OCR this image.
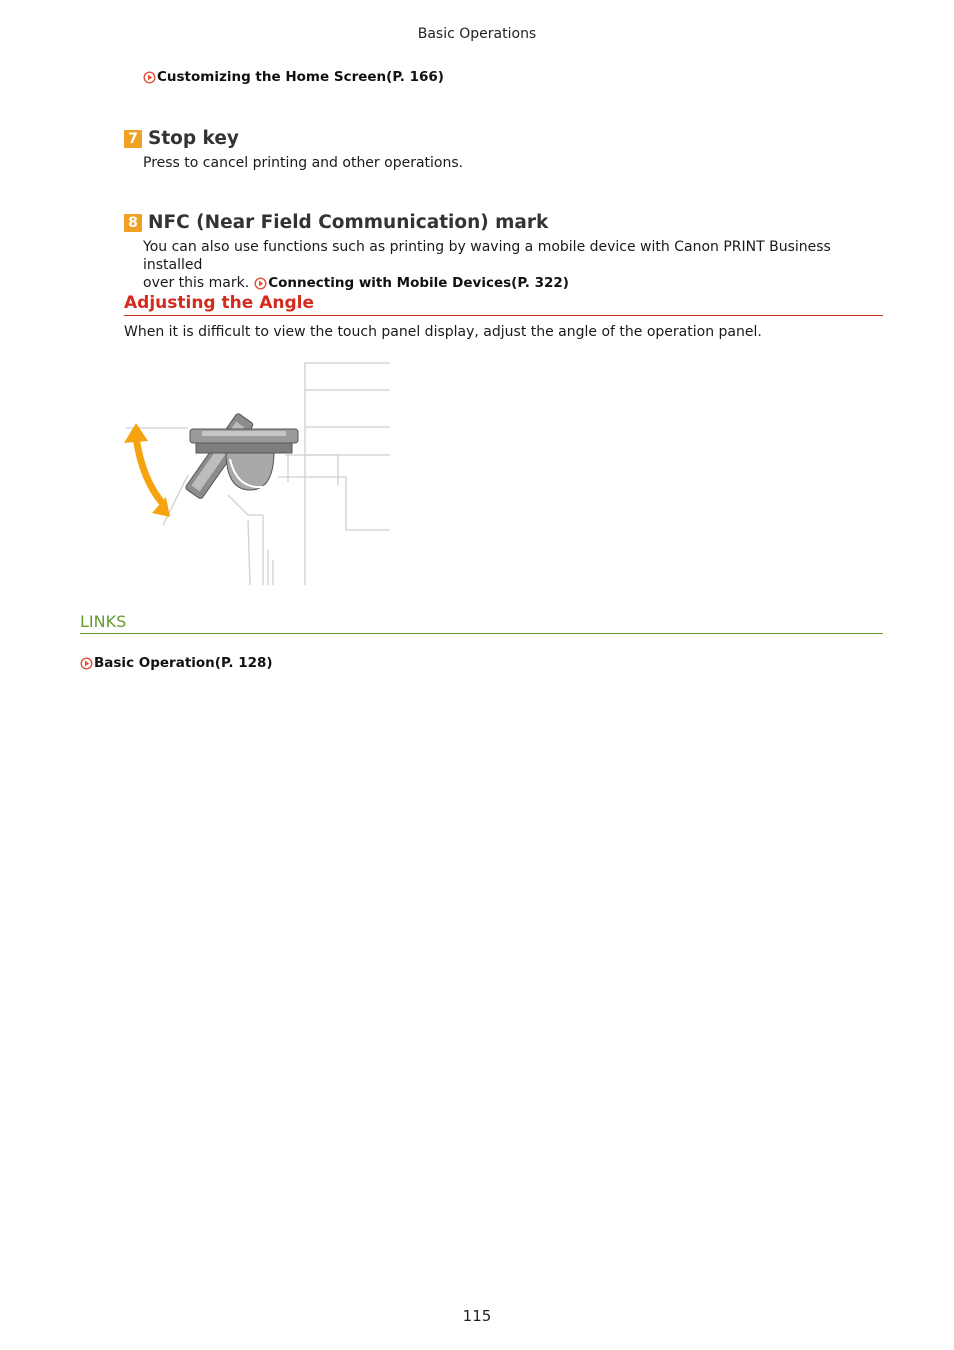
Basic Operations
Customizing the Home Screen(P. 166)
7 Stop key
Press to cancel printing and other operations.
8 NFC (Near Field Communication) mark
You can also use functions such as printing by waving a mobile device with Canon PRINT Business installed
over this mark. Connecting with Mobile Devices(P. 322)
Adjusting the Angle
When it is difficult to view the touch panel display, adjust the angle of the operation panel.
LINKS
Basic Operation(P. 128)
115
